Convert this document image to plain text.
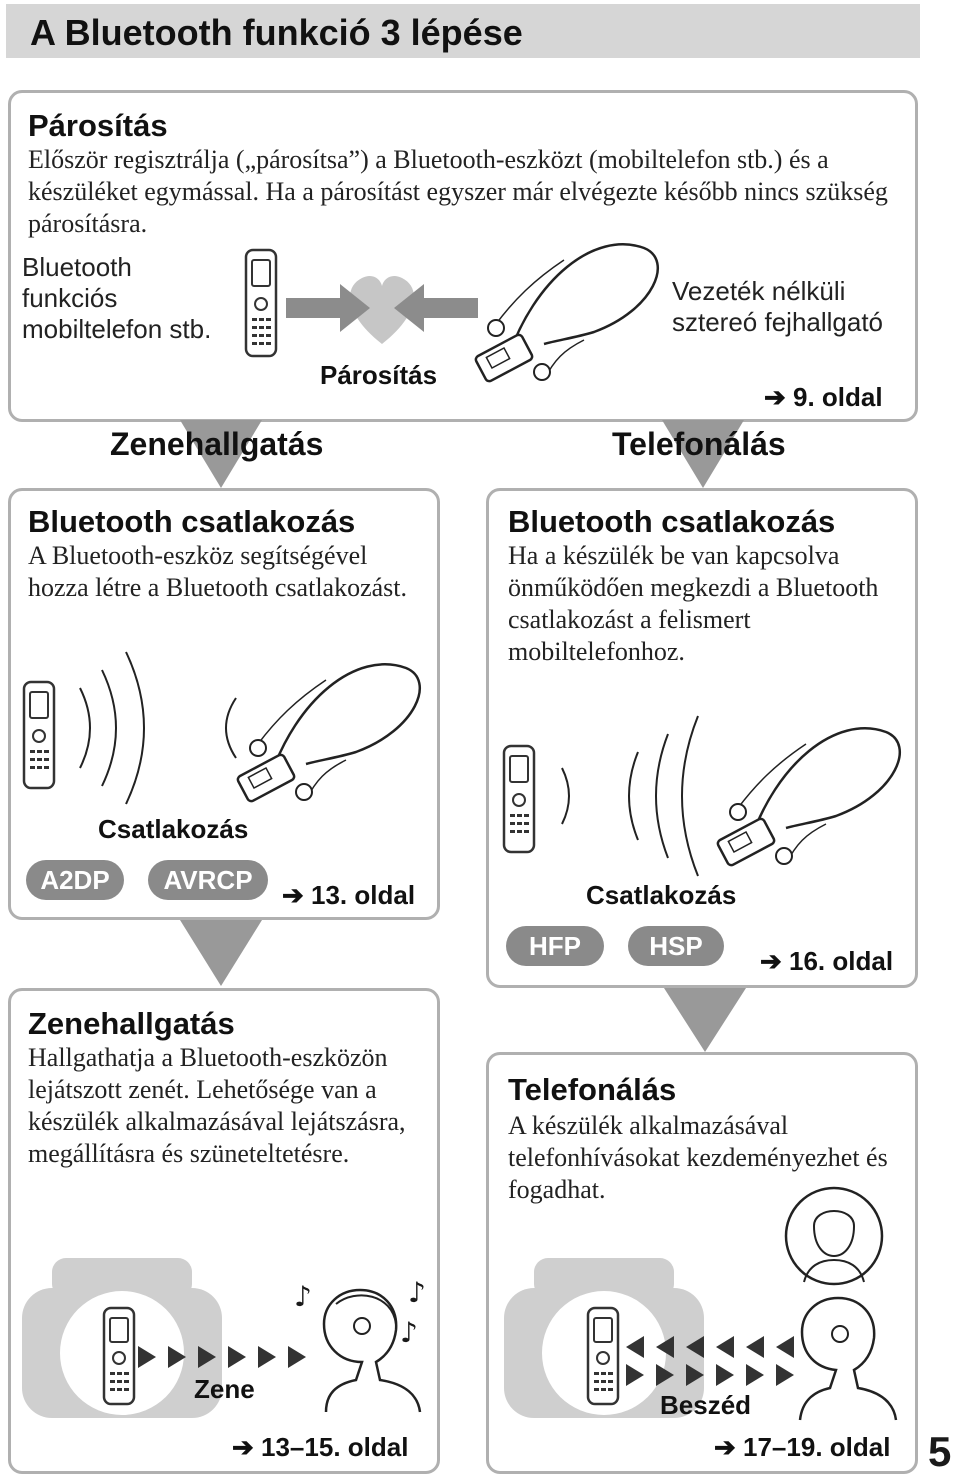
A Bluetooth funkció 3 lépése
Párosítás
Először regisztrálja („párosítsa”) a Bluetooth-eszközt (mobiltelefon stb.) és a készüléket egymással. Ha a párosítást egyszer már elvégezte később nincs szükség párosításra.
Bluetooth
funkciós
mobiltelefon stb.
Vezeték nélküli
sztereó fejhallgató
Párosítás
➔ 9. oldal
Zenehallgatás	Telefonálás
Bluetooth csatlakozás
A Bluetooth-eszköz segítségével hozza létre a Bluetooth csatlakozást.
Csatlakozás
A2DP	AVRCP	➔ 13. oldal
Bluetooth csatlakozás
Ha a készülék be van kapcsolva önműködően megkezdi a Bluetooth csatlakozást a felismert mobiltelefonhoz.
Csatlakozás
HFP	HSP	➔ 16. oldal
Zenehallgatás
Hallgathatja a Bluetooth-eszközön lejátszott zenét. Lehetősége van a készülék alkalmazásával lejátszásra, megállításra és szüneteltetésre.
Zene
♪	♪
♪
➔ 13–15. oldal
Telefonálás
A készülék alkalmazásával telefonhívásokat kezdeményezhet és fogadhat.
Beszéd
➔ 17–19. oldal 5
